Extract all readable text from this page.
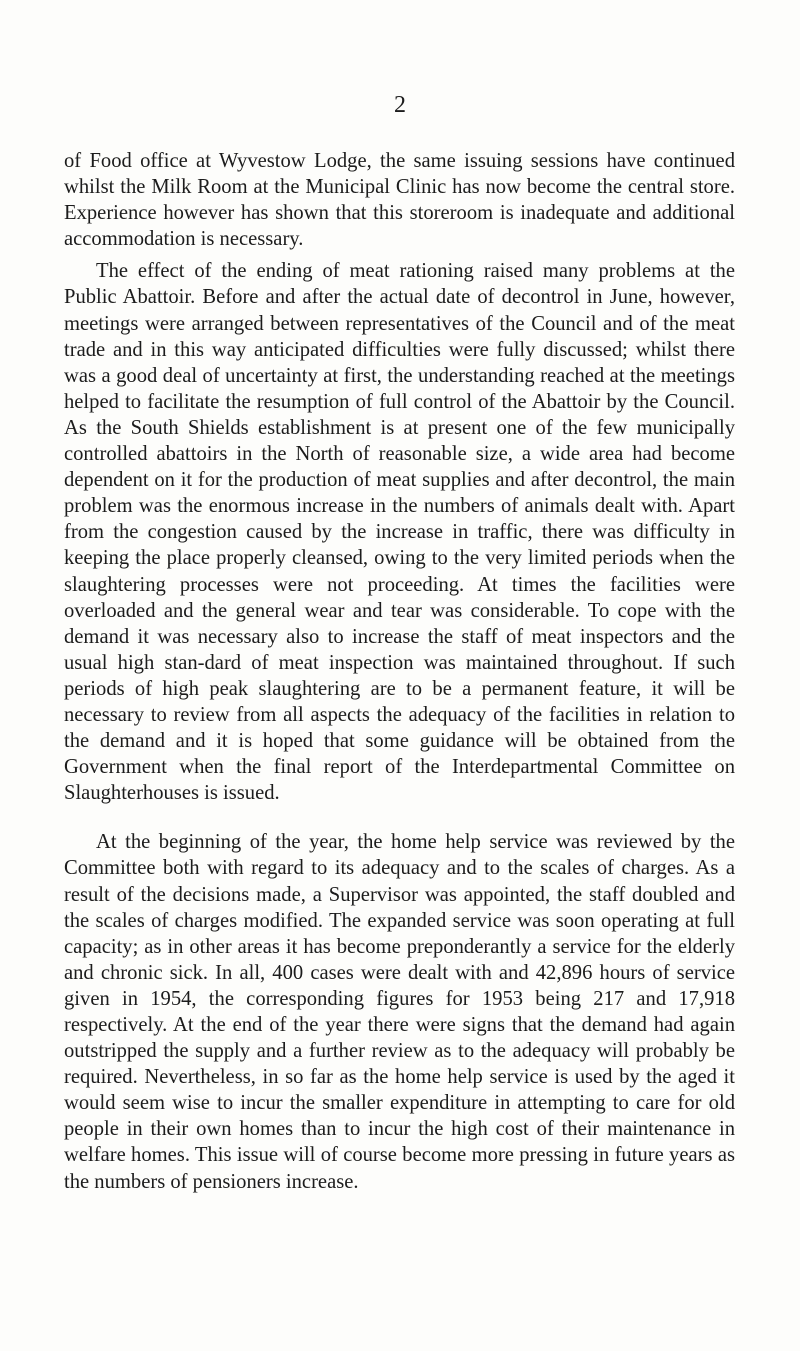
2

of Food office at Wyvestow Lodge, the same issuing sessions have continued whilst the Milk Room at the Municipal Clinic has now become the central store. Experience however has shown that this storeroom is inadequate and additional accommodation is necessary.

The effect of the ending of meat rationing raised many problems at the Public Abattoir. Before and after the actual date of decontrol in June, however, meetings were arranged between representatives of the Council and of the meat trade and in this way anticipated difficulties were fully discussed; whilst there was a good deal of uncertainty at first, the understanding reached at the meetings helped to facilitate the resumption of full control of the Abattoir by the Council. As the South Shields establishment is at present one of the few municipally controlled abattoirs in the North of reasonable size, a wide area had become dependent on it for the production of meat supplies and after decontrol, the main problem was the enormous increase in the numbers of animals dealt with. Apart from the congestion caused by the increase in traffic, there was difficulty in keeping the place properly cleansed, owing to the very limited periods when the slaughtering processes were not proceeding. At times the facilities were overloaded and the general wear and tear was considerable. To cope with the demand it was necessary also to increase the staff of meat inspectors and the usual high stan-dard of meat inspection was maintained throughout. If such periods of high peak slaughtering are to be a permanent feature, it will be necessary to review from all aspects the adequacy of the facilities in relation to the demand and it is hoped that some guidance will be obtained from the Government when the final report of the Interdepartmental Committee on Slaughterhouses is issued.

At the beginning of the year, the home help service was reviewed by the Committee both with regard to its adequacy and to the scales of charges. As a result of the decisions made, a Supervisor was appointed, the staff doubled and the scales of charges modified. The expanded service was soon operating at full capacity; as in other areas it has become preponderantly a service for the elderly and chronic sick. In all, 400 cases were dealt with and 42,896 hours of service given in 1954, the corresponding figures for 1953 being 217 and 17,918 respectively. At the end of the year there were signs that the demand had again outstripped the supply and a further review as to the adequacy will probably be required. Nevertheless, in so far as the home help service is used by the aged it would seem wise to incur the smaller expenditure in attempting to care for old people in their own homes than to incur the high cost of their maintenance in welfare homes. This issue will of course become more pressing in future years as the numbers of pensioners increase.
